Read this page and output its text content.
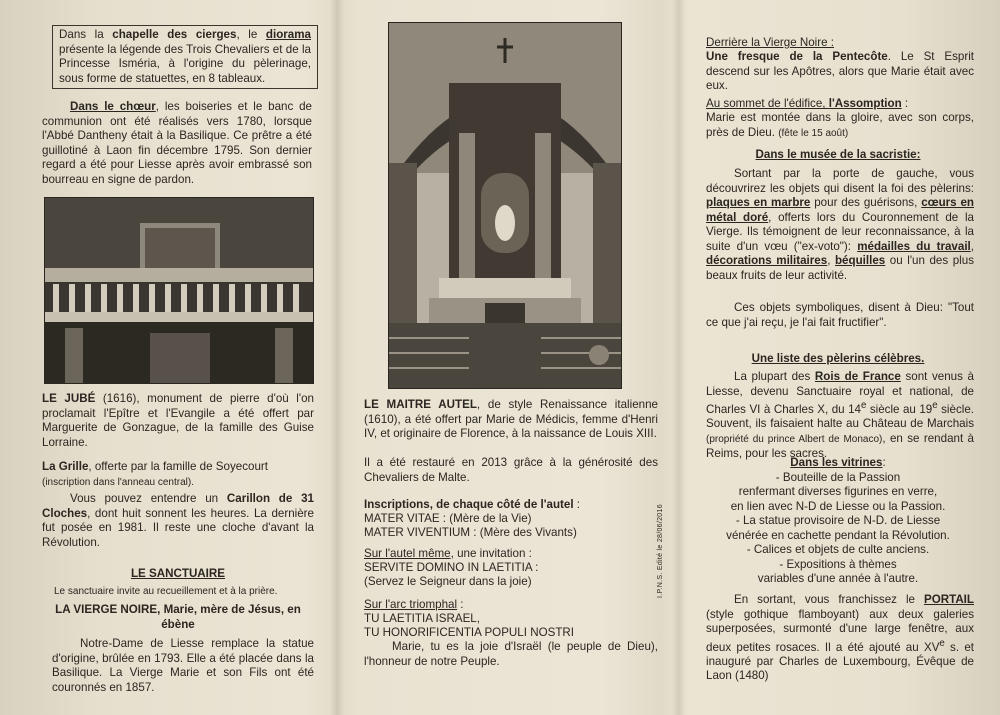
Dans la chapelle des cierges, le diorama présente la légende des Trois Chevaliers et de la Princesse Isméria, à l'origine du pèlerinage, sous forme de statuettes, en 8 tableaux.

Dans le chœur, les boiseries et le banc de communion ont été réalisés vers 1780, lorsque l'Abbé Dantheny était à la Basilique. Ce prêtre a été guillotiné à Laon fin décembre 1795. Son dernier regard a été pour Liesse après avoir embrassé son bourreau en signe de pardon.

LE JUBÉ (1616), monument de pierre d'où l'on proclamait l'Epître et l'Evangile a été offert par Marguerite de Gonzague, de la famille des Guise Lorraine.

La Grille, offerte par la famille de Soyecourt
(inscription dans l'anneau central).

Vous pouvez entendre un Carillon de 31 Cloches, dont huit sonnent les heures. La dernière fut posée en 1981. Il reste une cloche d'avant la Révolution.

LE SANCTUAIRE

Le sanctuaire invite au recueillement et à la prière.

LA VIERGE NOIRE, Marie, mère de Jésus, en ébène

Notre-Dame de Liesse remplace la statue d'origine, brûlée en 1793. Elle a été placée dans la Basilique. La Vierge Marie et son Fils ont été couronnés en 1857.

LE MAITRE AUTEL, de style Renaissance italienne (1610), a été offert par Marie de Médicis, femme d'Henri IV, et originaire de Florence, à la naissance de Louis XIII.

Il a été restauré en 2013 grâce à la générosité des Chevaliers de Malte.

Inscriptions, de chaque côté de l'autel :

MATER VITAE : (Mère de la Vie)

MATER VIVENTIUM : (Mère des Vivants)

Sur l'autel même, une invitation :

SERVITE DOMINO IN LAETITIA :

(Servez le Seigneur dans la joie)

Sur l'arc triomphal :

TU LAETITIA ISRAEL,

TU HONORIFICENTIA POPULI NOSTRI

Marie, tu es la joie d'Israël (le peuple de Dieu), l'honneur de notre Peuple.

I.P.N.S. Edité le 28/06/2016

Derrière la Vierge Noire :

Une fresque de la Pentecôte. Le St Esprit descend sur les Apôtres, alors que Marie était avec eux.

Au sommet de l'édifice, l'Assomption :

Marie est montée dans la gloire, avec son corps, près de Dieu. (fête le 15 août)

Dans le musée de la sacristie:

Sortant par la porte de gauche, vous découvrirez les objets qui disent la foi des pèlerins: plaques en marbre pour des guérisons, cœurs en métal doré, offerts lors du Couronnement de la Vierge. Ils témoignent de leur reconnaissance, à la suite d'un vœu ("ex-voto"): médailles du travail, décorations militaires, béquilles ou l'un des plus beaux fruits de leur activité.

Ces objets symboliques, disent à Dieu: "Tout ce que j'ai reçu, je l'ai fait fructifier".

Une liste des pèlerins célèbres.

La plupart des Rois de France sont venus à Liesse, devenu Sanctuaire royal et national, de Charles VI à Charles X, du 14e siècle au 19e siècle. Souvent, ils faisaient halte au Château de Marchais (propriété du prince Albert de Monaco), en se rendant à Reims, pour les sacres.

Dans les vitrines:

- Bouteille de la Passion

renfermant diverses figurines en verre,

en lien avec N-D de Liesse ou la Passion.

- La statue provisoire de N-D. de Liesse

vénérée en cachette pendant la Révolution.

- Calices et objets de culte anciens.

- Expositions à thèmes

variables d'une année à l'autre.

En sortant, vous franchissez le PORTAIL (style gothique flamboyant) aux deux galeries superposées, surmonté d'une large fenêtre, aux deux petites rosaces. Il a été ajouté au XVe s. et inauguré par Charles de Luxembourg, Évêque de Laon (1480)
